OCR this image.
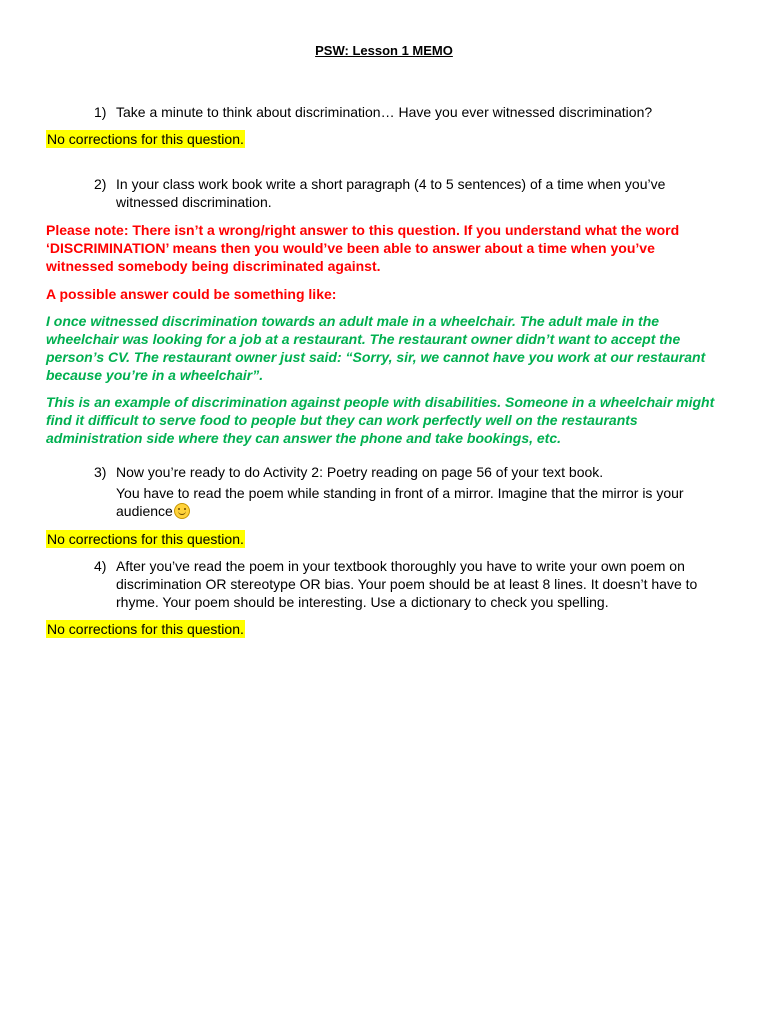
PSW: Lesson 1 MEMO
1) Take a minute to think about discrimination… Have you ever witnessed discrimination?
No corrections for this question.
2) In your class work book write a short paragraph (4 to 5 sentences) of a time when you’ve witnessed discrimination.
Please note: There isn’t a wrong/right answer to this question. If you understand what the word ‘DISCRIMINATION’ means then you would’ve been able to answer about a time when you’ve witnessed somebody being discriminated against.
A possible answer could be something like:
I once witnessed discrimination towards an adult male in a wheelchair. The adult male in the wheelchair was looking for a job at a restaurant. The restaurant owner didn’t want to accept the person’s CV. The restaurant owner just said: “Sorry, sir, we cannot have you work at our restaurant because you’re in a wheelchair”.
This is an example of discrimination against people with disabilities. Someone in a wheelchair might find it difficult to serve food to people but they can work perfectly well on the restaurants administration side where they can answer the phone and take bookings, etc.
3) Now you’re ready to do Activity 2: Poetry reading on page 56 of your text book.
You have to read the poem while standing in front of a mirror. Imagine that the mirror is your audience
No corrections for this question.
4) After you’ve read the poem in your textbook thoroughly you have to write your own poem on discrimination OR stereotype OR bias. Your poem should be at least 8 lines. It doesn’t have to rhyme. Your poem should be interesting. Use a dictionary to check you spelling.
No corrections for this question.
